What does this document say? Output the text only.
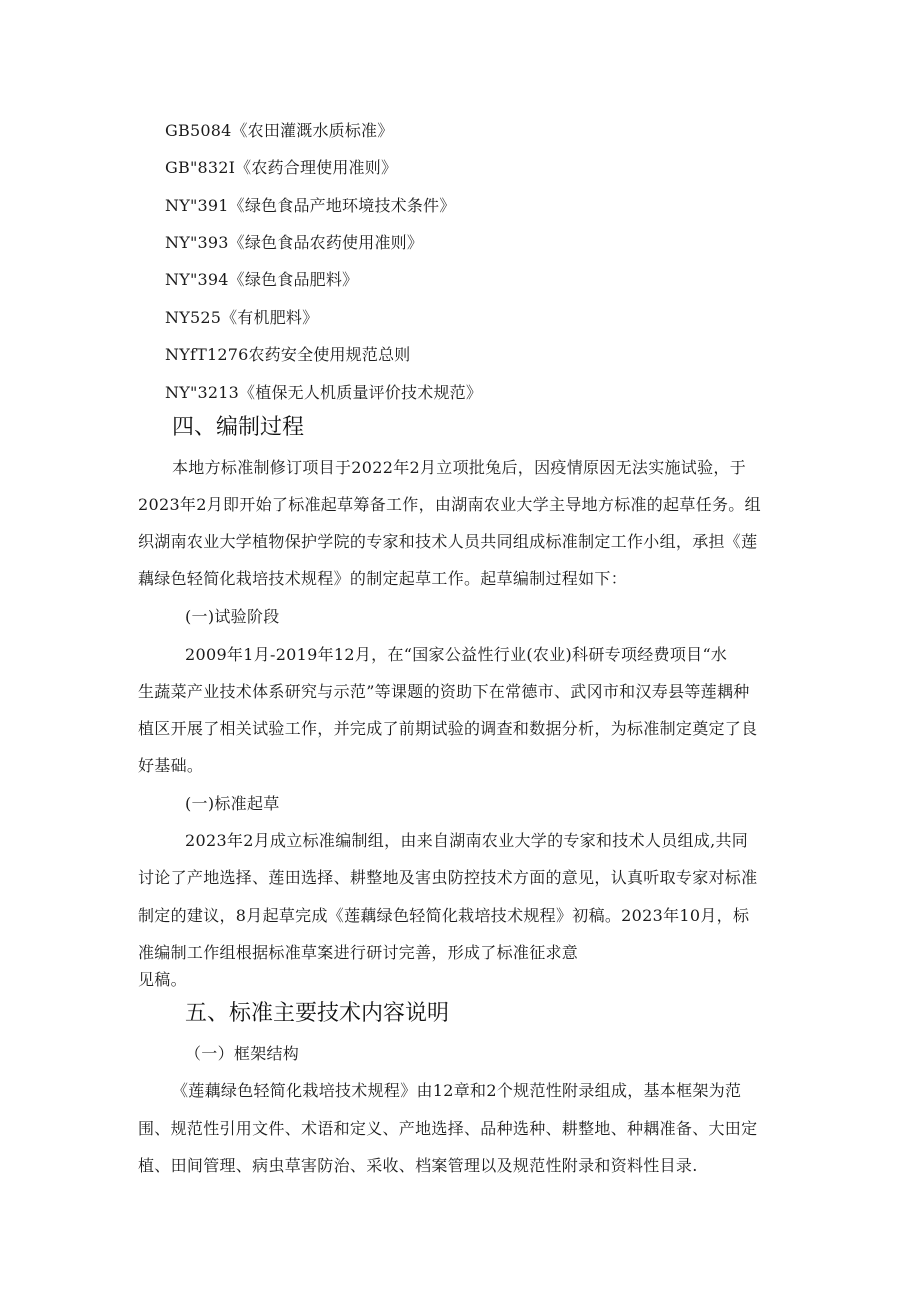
GB5084《农田灌溉水质标准》
GB"832I《农药合理使用准则》
NY"391《绿色食品产地环境技术条件》
NY"393《绿色食品农药使用准则》
NY"394《绿色食品肥料》
NY525《有机肥料》
NYfT1276农药安全使用规范总则
NY"3213《植保无人机质量评价技术规范》
四、编制过程
本地方标准制修订项目于2022年2月立项批兔后，因疫情原因无法实施试验，于
2023年2月即开始了标准起草筹备工作，由湖南农业大学主导地方标准的起草任务。组
织湖南农业大学植物保护学院的专家和技术人员共同组成标准制定工作小组，承担《莲
藕绿色轻简化栽培技术规程》的制定起草工作。起草编制过程如下：
(一)试验阶段
2009年1月-2019年12月，在“国家公益性行业(农业)科研专项经费项目“水
生蔬菜产业技术体系研究与示范”等课题的资助下在常德市、武冈市和汉寿县等莲耦种
植区开展了相关试验工作，并完成了前期试验的调查和数据分析，为标准制定奠定了良
好基础。
(一)标准起草
2023年2月成立标准编制组，由来自湖南农业大学的专家和技术人员组成,共同
讨论了产地选择、莲田选择、耕整地及害虫防控技术方面的意见，认真听取专家对标准
制定的建议，8月起草完成《莲藕绿色轻简化栽培技术规程》初稿。2023年10月，标
准编制工作组根据标准草案进行研讨完善，形成了标准征求意
见稿。
五、标准主要技术内容说明
（一）框架结构
《莲藕绿色轻简化栽培技术规程》由12章和2个规范性附录组成，基本框架为范
围、规范性引用文件、术语和定义、产地选择、品种选种、耕整地、种耦准备、大田定
植、田间管理、病虫草害防治、采收、档案管理以及规范性附录和资料性目录.
